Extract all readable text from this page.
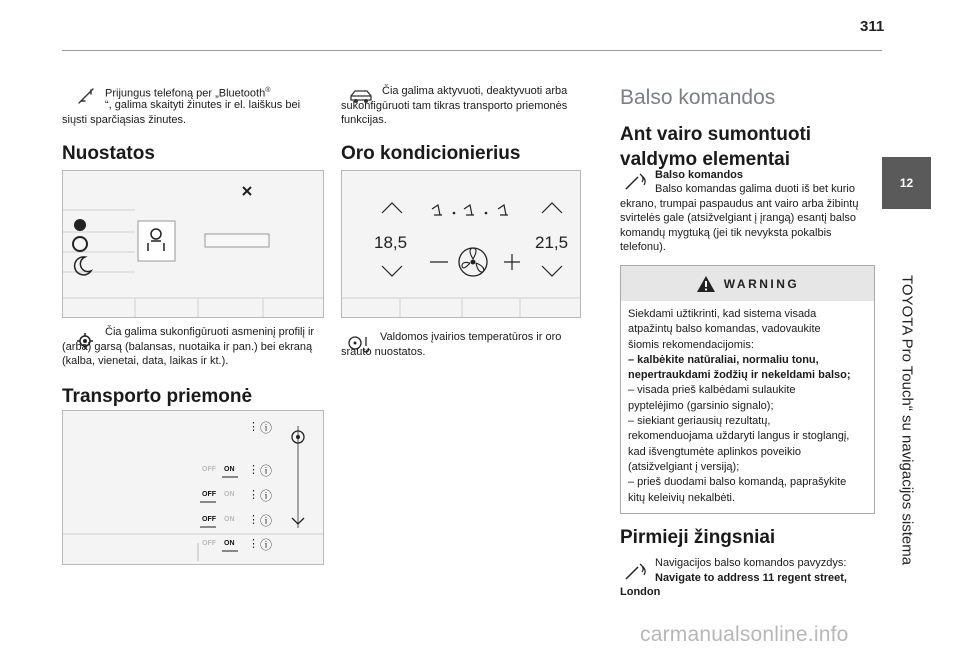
311
12
TOYOTA Pro Touch“ su navigacijos sistema
Prijungus telefoną per „Bluetooth®
“, galima skaityti žinutes ir el. laiškus bei siųsti sparčiąsias žinutes.
Nuostatos
Čia galima sukonfigūruoti asmeninį profilį ir (arba) garsą (balansas, nuotaika ir pan.) bei ekraną (kalba, vienetai, data, laikas ir kt.).
Transporto priemonė
OFF ON ⋮ ⓘ
OFF ON ⋮ ⓘ
OFF ON ⋮ ⓘ
OFF ON ⋮ ⓘ
⋮ ⓘ
Čia galima aktyvuoti, deaktyvuoti arba sukonfigūruoti tam tikras transporto priemonės funkcijas.
Oro kondicionierius
18,5	21,5
Valdomos įvairios temperatūros ir oro srauto nuostatos.
Balso komandos
Ant vairo sumontuoti
valdymo elementai
Balso komandos
Balso komandas galima duoti iš bet kurio ekrano, trumpai paspaudus ant vairo arba žibintų svirtelės gale (atsižvelgiant į įrangą) esantį balso komandų mygtuką (jei tik nevyksta pokalbis telefonu).
WARNING
Siekdami užtikrinti, kad sistema visada
atpažintų balso komandas, vadovaukite
šiomis rekomendacijomis:
– kalbėkite natūraliai, normaliu tonu,
nepertraukdami žodžių ir nekeldami balso;
– visada prieš kalbėdami sulaukite
pyptelėjimo (garsinio signalo);
– siekiant geriausių rezultatų,
rekomenduojama uždaryti langus ir stoglangį,
kad išvengtumėte aplinkos poveikio
(atsižvelgiant į versiją);
– prieš duodami balso komandą, paprašykite
kitų keleivių nekalbėti.
Pirmieji žingsniai
Navigacijos balso komandos pavyzdys:
Navigate to address 11 regent street,
London
carmanualsonline.info
